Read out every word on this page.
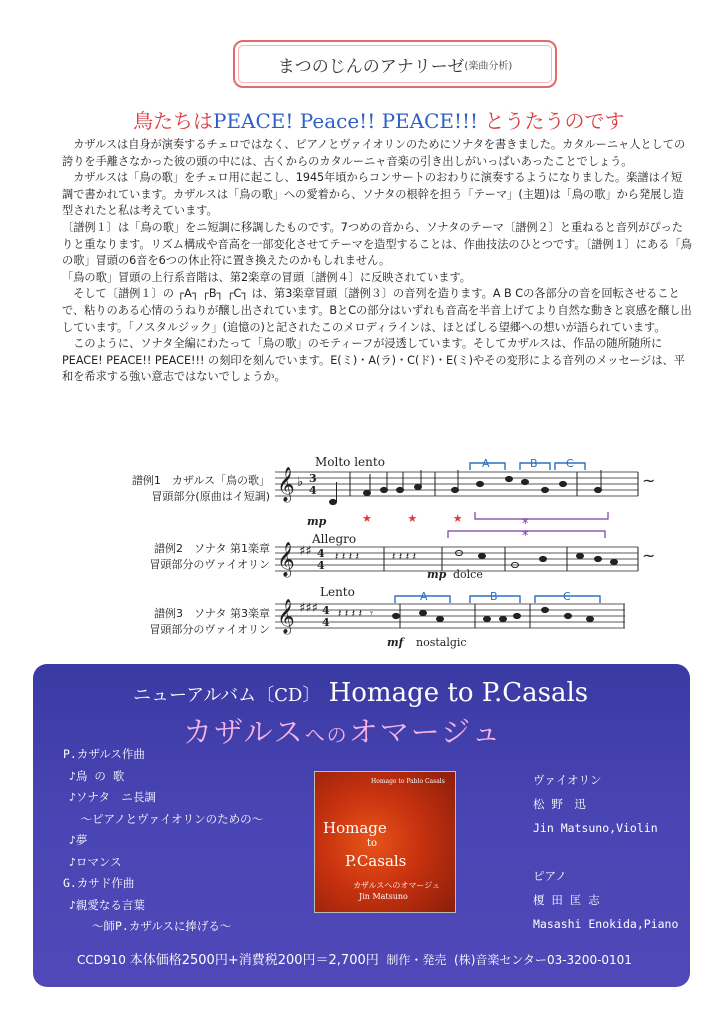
まつのじんのアナリーゼ (楽曲分析)
鳥たちはPEACE! Peace!! PEACE!!! とうたうのです

カザルスは自身が演奏するチェロではなく、ピアノとヴァイオリンのためにソナタを書きました。カタルーニャ人としての誇りを手離さなかった彼の頭の中には、古くからのカタルーニャ音楽の引き出しがいっぱいあったことでしょう。

カザルスは「鳥の歌」をチェロ用に起こし、1945年頃からコンサートのおわりに演奏するようになりました。楽譜はイ短調で書かれています。カザルスは「鳥の歌」への愛着から、ソナタの根幹を担う「テーマ」(主題)は「鳥の歌」から発展し造型されたと私は考えています。

〔譜例１〕は「鳥の歌」をニ短調に移調したものです。7つめの音から、ソナタのテーマ〔譜例２〕と重ねると音列がぴったりと重なります。リズム構成や音高を一部変化させてテーマを造型することは、作曲技法のひとつです。〔譜例１〕にある「鳥の歌」冒頭の6音を6つの休止符に置き換えたのかもしれません。

「鳥の歌」冒頭の上行系音階は、第2楽章の冒頭〔譜例４〕に反映されています。

そして〔譜例１〕の ┌A┐ ┌B┐ ┌C┐ は、第3楽章冒頭〔譜例３〕の音列を造ります。A B Cの各部分の音を回転させることで、粘りのある心情のうねりが醸し出されています。BとCの部分はいずれも音高を半音上げてより自然な動きと哀感を醸し出しています。「ノスタルジック」(追憶の)と記されたこのメロディラインは、ほとばしる望郷への想いが語られています。

このように、ソナタ全編にわたって「鳥の歌」のモティーフが浸透しています。そしてカザルスは、作品の随所随所にPEACE! PEACE!! PEACE!!! の刻印を刻んでいます。E(ミ)・A(ラ)・C(ド)・E(ミ)やその変形による音列のメッセージは、平和を希求する強い意志ではないでしょうか。

譜例1　カザルス「鳥の歌」
冒頭部分(原曲はイ短調)
譜例2　ソナタ 第1楽章
冒頭部分のヴァイオリン
譜例3　ソナタ 第3楽章
冒頭部分のヴァイオリン
Molto lento
Allegro
Lento
mp
mp dolce
mf nostalgic
𝄞
𝄞
𝄞
♭
♯♯
♯♯♯
3
4
4
4
4
4
𝄽 𝄽 𝄽 𝄽	𝄽 𝄽 𝄽 𝄽
𝄽 𝄽 𝄽 𝄽 𝄾
A	B	C
A	B	C
*
*
★ ★ ★
~
~
ニューアルバム〔CD〕 Homage to P.Casals
カザルスへのオマージュ
P.カザルス作曲
♪鳥 の 歌
♪ソナタ　ニ長調
　～ピアノとヴァイオリンのための～
♪夢
♪ロマンス
G.カサド作曲
♪親愛なる言葉
　　～師P.カザルスに捧げる～
Homage to Pablo Casals
Homage
to
P.Casals
カザルスへのオマージュ
Jin Matsuno
ヴァイオリン
松 野　迅
Jin Matsuno,Violin

ピアノ
榎 田 匡 志
Masashi Enokida,Piano
CCD910 本体価格2500円+消費税200円＝2,700円 制作・発売 (株)音楽センター03-3200-0101
